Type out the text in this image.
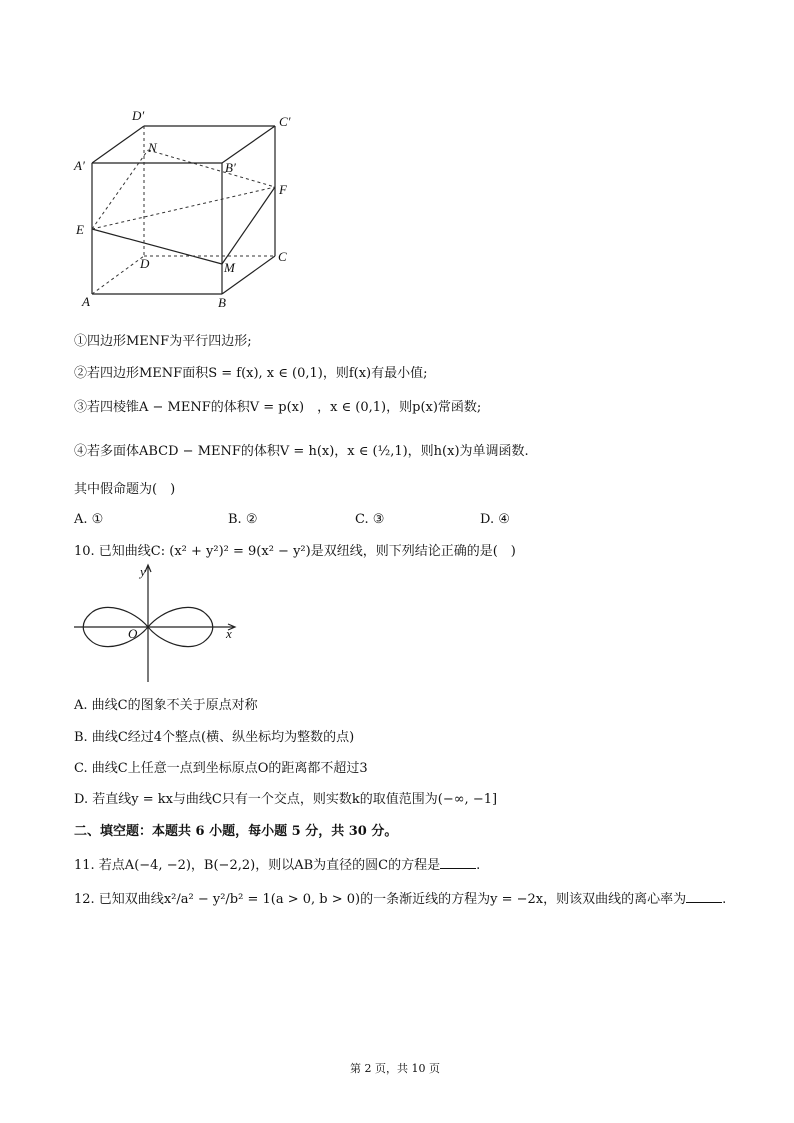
D′	C′
N
A′	B′
F
E
D	C
M
A	B
①四边形MENF为平行四边形;
②若四边形MENF面积S = f(x), x ∈ (0,1)，则f(x)有最小值;
③若四棱锥A − MENF的体积V = p(x)　，x ∈ (0,1)，则p(x)常函数;
④若多面体ABCD − MENF的体积V = h(x)，x ∈ (½,1)，则h(x)为单调函数.
其中假命题为(　)
A. ①	B. ②	C. ③	D. ④
10. 已知曲线C: (x² + y²)² = 9(x² − y²)是双纽线，则下列结论正确的是(　)
y
x
O
A. 曲线C的图象不关于原点对称
B. 曲线C经过4个整点(横、纵坐标均为整数的点)
C. 曲线C上任意一点到坐标原点O的距离都不超过3
D. 若直线y = kx与曲线C只有一个交点，则实数k的取值范围为(−∞, −1]
二、填空题：本题共 6 小题，每小题 5 分，共 30 分。
11. 若点A(−4, −2)，B(−2,2)，则以AB为直径的圆C的方程是	.
12. 已知双曲线x²/a² − y²/b² = 1(a > 0, b > 0)的一条渐近线的方程为y = −2x，则该双曲线的离心率为	.
第 2 页，共 10 页
